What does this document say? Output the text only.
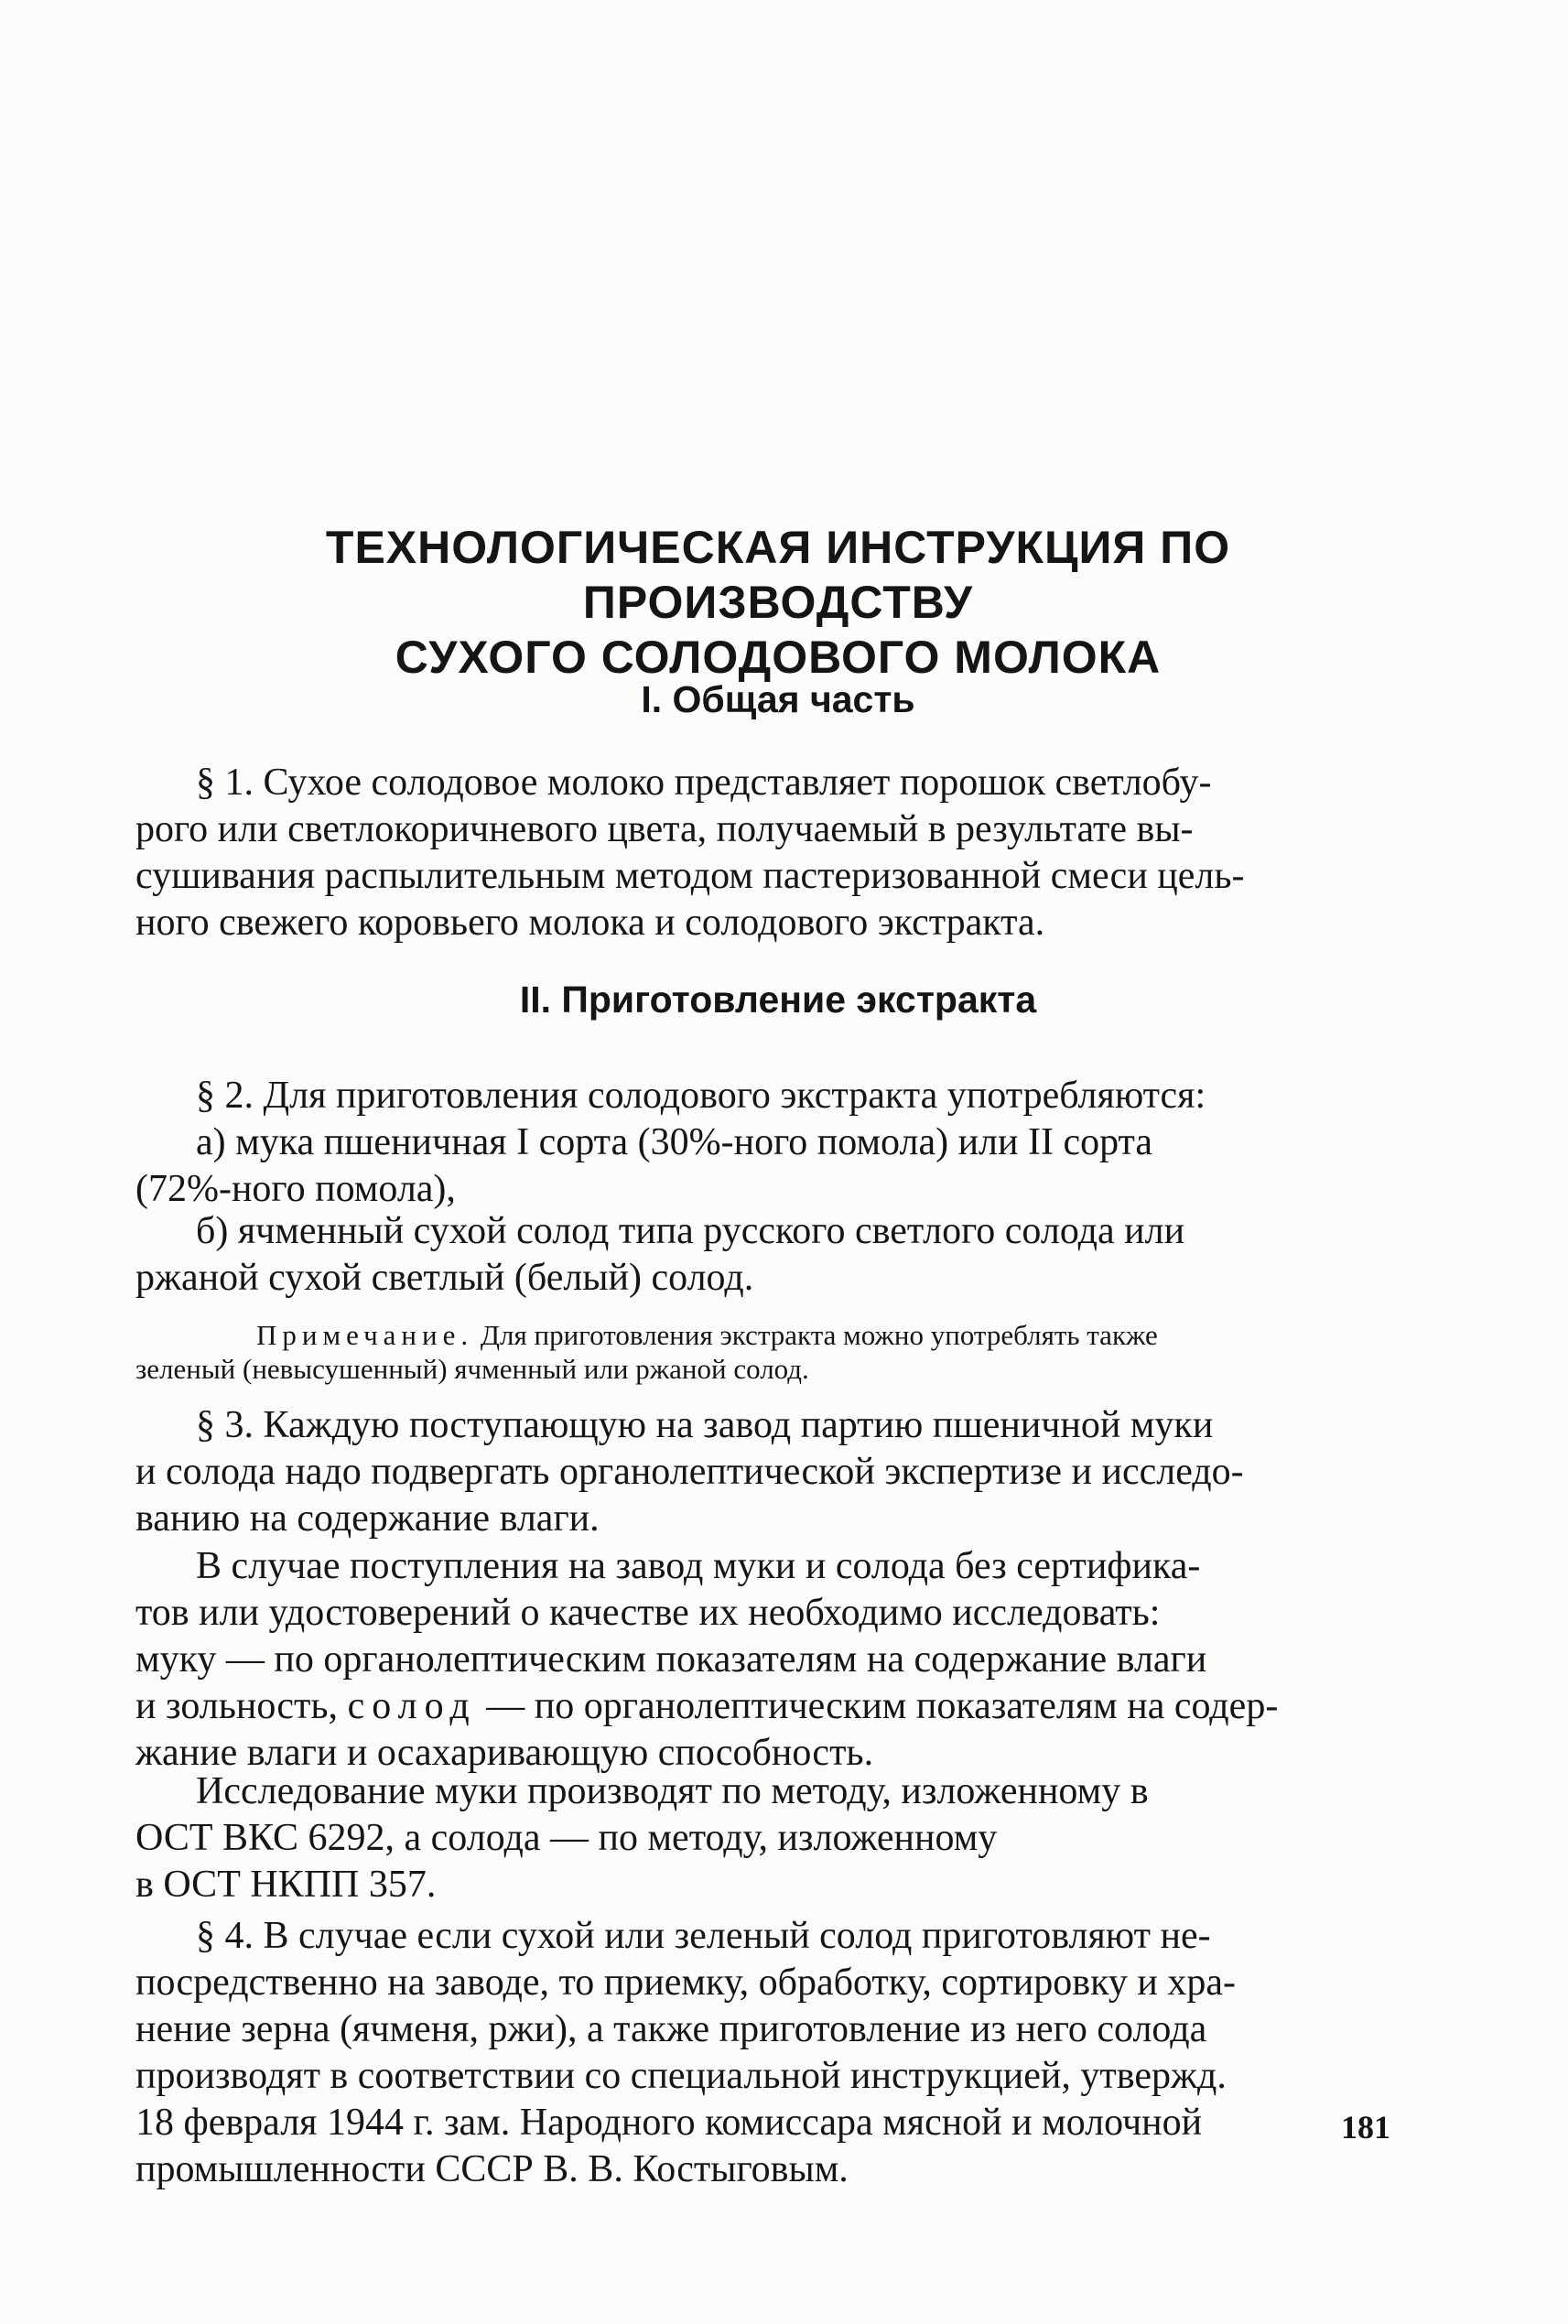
ТЕХНОЛОГИЧЕСКАЯ ИНСТРУКЦИЯ ПО ПРОИЗВОДСТВУ
СУХОГО СОЛОДОВОГО МОЛОКА
I. Общая часть
§ 1. Сухое солодовое молоко представляет порошок светлобу-
рого или светлокоричневого цвета, получаемый в результате вы-
сушивания распылительным методом пастеризованной смеси цель-
ного свежего коровьего молока и солодового экстракта.
II. Приготовление экстракта
§ 2. Для приготовления солодового экстракта употребляются:
а) мука пшеничная I сорта (30%-ного помола) или II сорта
(72%-ного помола),
б) ячменный сухой солод типа русского светлого солода или
ржаной сухой светлый (белый) солод.
Примечание. Для приготовления экстракта можно употреблять также
зеленый (невысушенный) ячменный или ржаной солод.
§ 3. Каждую поступающую на завод партию пшеничной муки
и солода надо подвергать органолептической экспертизе и исследо-
ванию на содержание влаги.
В случае поступления на завод муки и солода без сертифика-
тов или удостоверений о качестве их необходимо исследовать:
муку — по органолептическим показателям на содержание влаги
и зольность, солод — по органолептическим показателям на содер-
жание влаги и осахаривающую способность.
Исследование муки производят по методу, изложенному в
ОСТ ВКС 6292, а солода — по методу, изложенному
в ОСТ НКПП 357.
§ 4. В случае если сухой или зеленый солод приготовляют не-
посредственно на заводе, то приемку, обработку, сортировку и хра-
нение зерна (ячменя, ржи), а также приготовление из него солода
производят в соответствии со специальной инструкцией, утвержд.
18 февраля 1944 г. зам. Народного комиссара мясной и молочной
промышленности СССР В. В. Костыговым.
181
